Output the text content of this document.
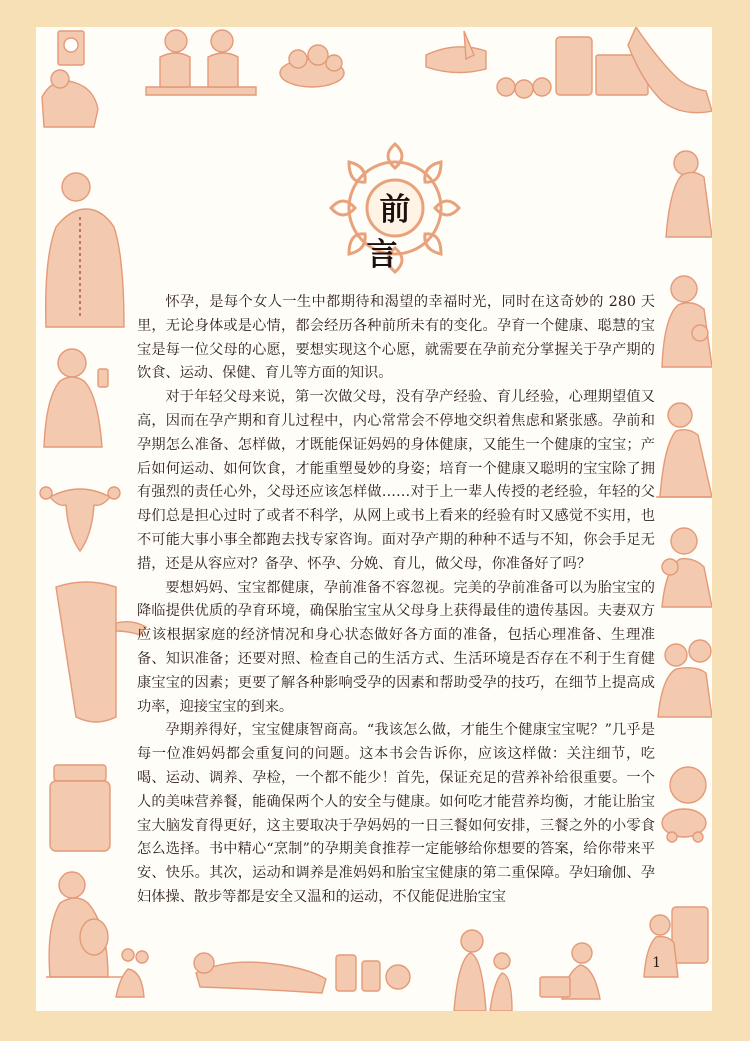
前　言

怀孕，是每个女人一生中都期待和渴望的幸福时光，同时在这奇妙的 280 天里，无论身体或是心情，都会经历各种前所未有的变化。孕育一个健康、聪慧的宝宝是每一位父母的心愿，要想实现这个心愿，就需要在孕前充分掌握关于孕产期的饮食、运动、保健、育儿等方面的知识。

对于年轻父母来说，第一次做父母，没有孕产经验、育儿经验，心理期望值又高，因而在孕产期和育儿过程中，内心常常会不停地交织着焦虑和紧张感。孕前和孕期怎么准备、怎样做，才既能保证妈妈的身体健康，又能生一个健康的宝宝；产后如何运动、如何饮食，才能重塑曼妙的身姿；培育一个健康又聪明的宝宝除了拥有强烈的责任心外，父母还应该怎样做……对于上一辈人传授的老经验，年轻的父母们总是担心过时了或者不科学，从网上或书上看来的经验有时又感觉不实用，也不可能大事小事全都跑去找专家咨询。面对孕产期的种种不适与不知，你会手足无措，还是从容应对？备孕、怀孕、分娩、育儿，做父母，你准备好了吗？

要想妈妈、宝宝都健康，孕前准备不容忽视。完美的孕前准备可以为胎宝宝的降临提供优质的孕育环境，确保胎宝宝从父母身上获得最佳的遗传基因。夫妻双方应该根据家庭的经济情况和身心状态做好各方面的准备，包括心理准备、生理准备、知识准备；还要对照、检查自己的生活方式、生活环境是否存在不利于生育健康宝宝的因素；更要了解各种影响受孕的因素和帮助受孕的技巧，在细节上提高成功率，迎接宝宝的到来。

孕期养得好，宝宝健康智商高。“我该怎么做，才能生个健康宝宝呢？”几乎是每一位准妈妈都会重复问的问题。这本书会告诉你，应该这样做：关注细节，吃喝、运动、调养、孕检，一个都不能少！首先，保证充足的营养补给很重要。一个人的美味营养餐，能确保两个人的安全与健康。如何吃才能营养均衡，才能让胎宝宝大脑发育得更好，这主要取决于孕妈妈的一日三餐如何安排，三餐之外的小零食怎么选择。书中精心“烹制”的孕期美食推荐一定能够给你想要的答案，给你带来平安、快乐。其次，运动和调养是准妈妈和胎宝宝健康的第二重保障。孕妇瑜伽、孕妇体操、散步等都是安全又温和的运动，不仅能促进胎宝宝

1
